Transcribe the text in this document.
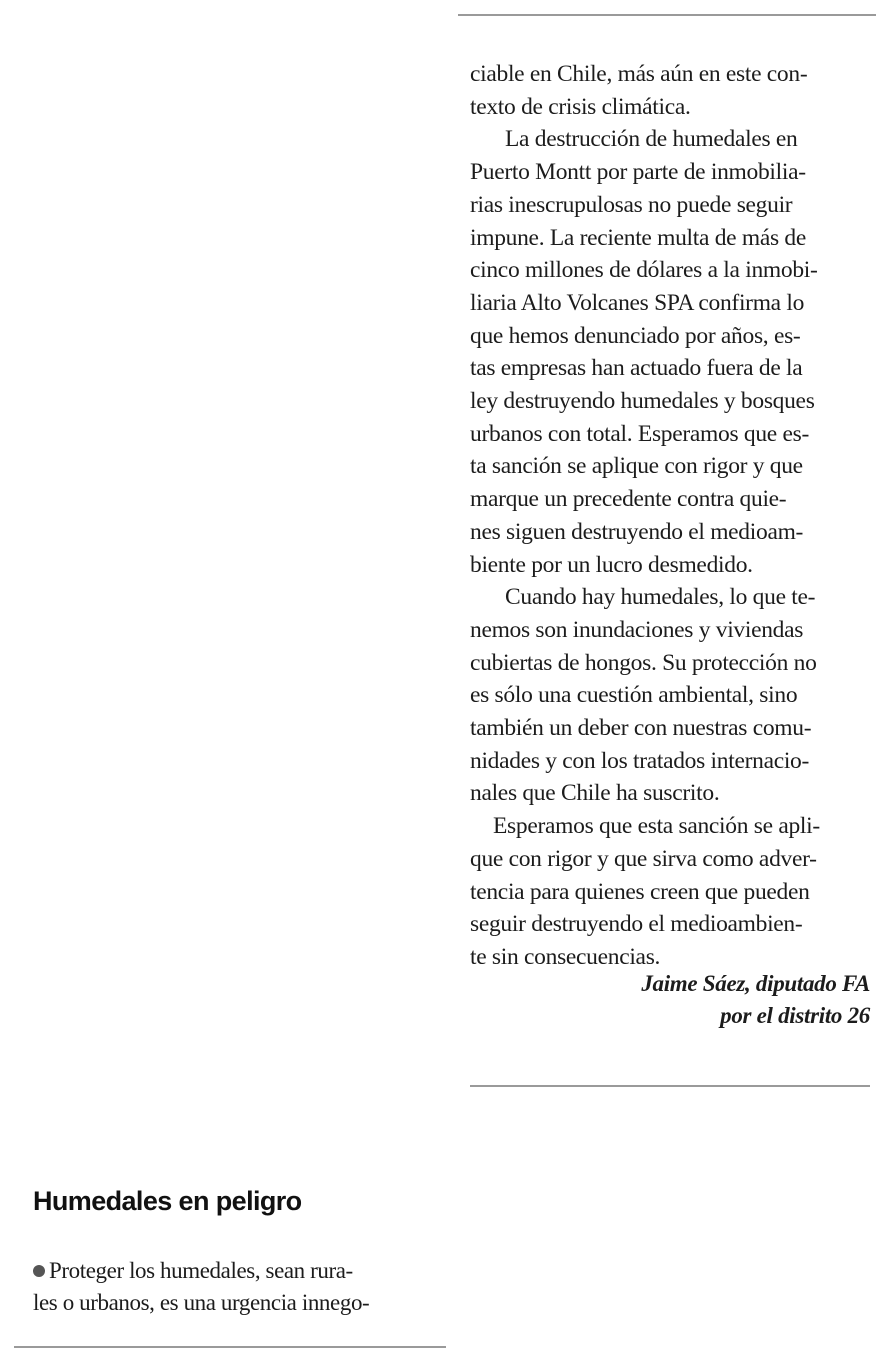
ciable en Chile, más aún en este con-
texto de crisis climática.

La destrucción de humedales en
Puerto Montt por parte de inmobilia-
rias inescrupulosas no puede seguir
impune. La reciente multa de más de
cinco millones de dólares a la inmobi-
liaria Alto Volcanes SPA confirma lo
que hemos denunciado por años, es-
tas empresas han actuado fuera de la
ley destruyendo humedales y bosques
urbanos con total. Esperamos que es-
ta sanción se aplique con rigor y que
marque un precedente contra quie-
nes siguen destruyendo el medioam-
biente por un lucro desmedido.

Cuando hay humedales, lo que te-
nemos son inundaciones y viviendas
cubiertas de hongos. Su protección no
es sólo una cuestión ambiental, sino
también un deber con nuestras comu-
nidades y con los tratados internacio-
nales que Chile ha suscrito.

Esperamos que esta sanción se apli-
que con rigor y que sirva como adver-
tencia para quienes creen que pueden
seguir destruyendo el medioambien-
te sin consecuencias.

Jaime Sáez, diputado FA
por el distrito 26
Humedales en peligro
Proteger los humedales, sean rura-
les o urbanos, es una urgencia innego-
